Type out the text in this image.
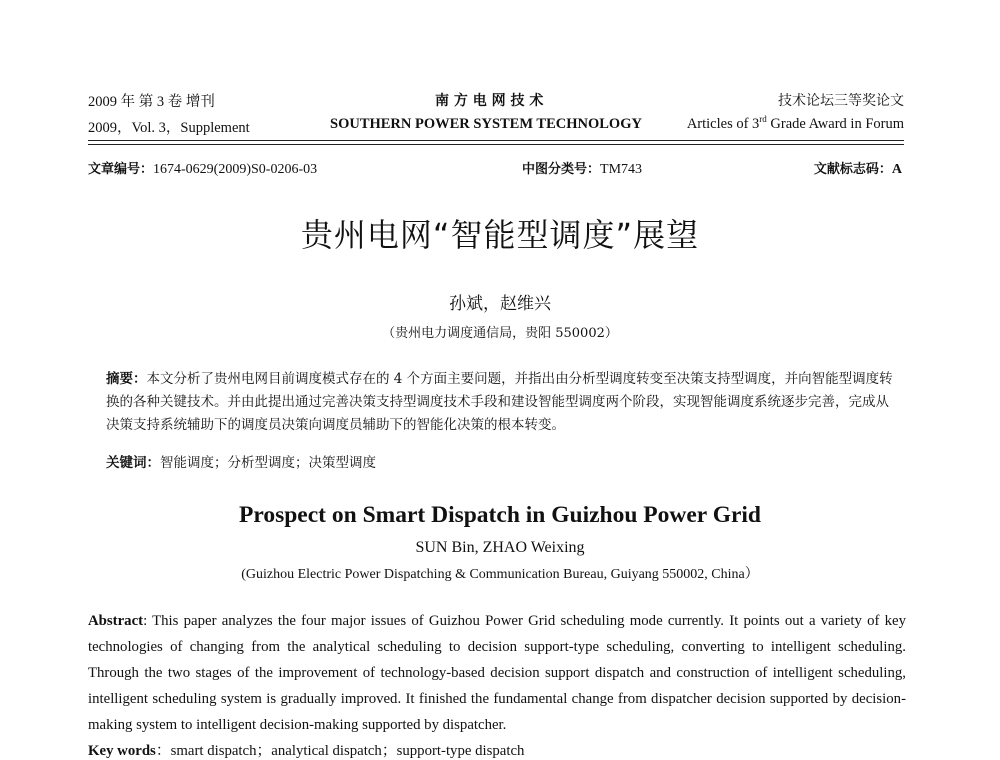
2009 年 第 3 卷 增刊
2009，Vol. 3，Supplement
南 方 电 网 技 术
SOUTHERN POWER SYSTEM TECHNOLOGY
技术论坛三等奖论文
Articles of 3rd Grade Award in Forum
文章编号：1674-0629(2009)S0-0206-03	中图分类号：TM743	文献标志码：A
贵州电网“智能型调度”展望
孙斌，赵维兴
（贵州电力调度通信局，贵阳 550002）
摘要：本文分析了贵州电网目前调度模式存在的 4 个方面主要问题，并指出由分析型调度转变至决策支持型调度，并向智能型调度转换的各种关键技术。并由此提出通过完善决策支持型调度技术手段和建设智能型调度两个阶段，实现智能调度系统逐步完善，完成从决策支持系统辅助下的调度员决策向调度员辅助下的智能化决策的根本转变。
关键词：智能调度；分析型调度；决策型调度
Prospect on Smart Dispatch in Guizhou Power Grid
SUN Bin, ZHAO Weixing
(Guizhou Electric Power Dispatching & Communication Bureau, Guiyang 550002, China）
Abstract: This paper analyzes the four major issues of Guizhou Power Grid scheduling mode currently. It points out a variety of key technologies of changing from the analytical scheduling to decision support-type scheduling, converting to intelligent scheduling. Through the two stages of the improvement of technology-based decision support dispatch and construction of intelligent scheduling, intelligent scheduling system is gradually improved. It finished the fundamental change from dispatcher decision supported by decision-making system to intelligent decision-making supported by dispatcher.
Key words：smart dispatch；analytical dispatch；support-type dispatch
